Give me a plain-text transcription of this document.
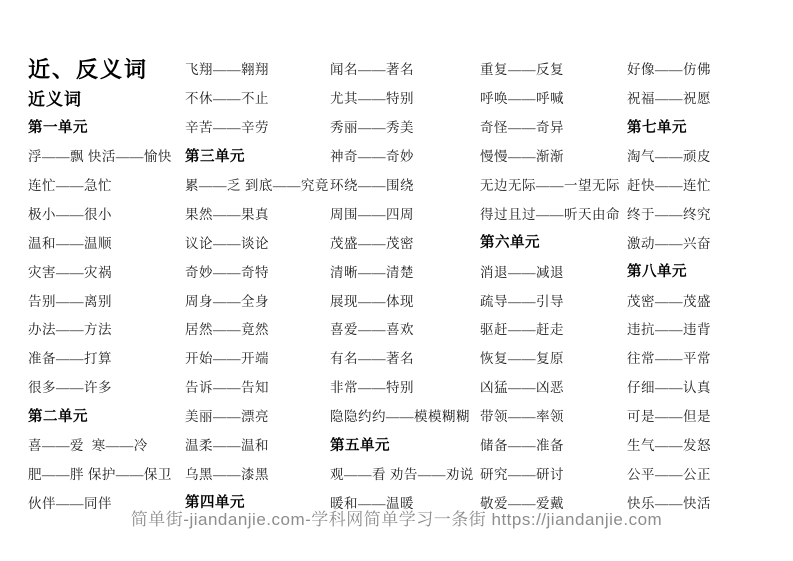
近、反义词
近义词
第一单元
浮——飘 快活——愉快
连忙——急忙
极小——很小
温和——温顺
灾害——灾祸
告别——离别
办法——方法
准备——打算
很多——许多
第二单元
喜——爱  寒——冷
肥——胖 保护——保卫
伙伴——同伴
飞翔——翱翔
不休——不止
辛苦——辛劳
第三单元
累——乏 到底——究竟
果然——果真
议论——谈论
奇妙——奇特
周身——全身
居然——竟然
开始——开端
告诉——告知
美丽——漂亮
温柔——温和
乌黑——漆黑
第四单元
闻名——著名
尤其——特别
秀丽——秀美
神奇——奇妙
环绕——围绕
周围——四周
茂盛——茂密
清晰——清楚
展现——体现
喜爱——喜欢
有名——著名
非常——特别
隐隐约约——模模糊糊
第五单元
观——看 劝告——劝说
暖和——温暖
重复——反复
呼唤——呼喊
奇怪——奇异
慢慢——渐渐
无边无际——一望无际
得过且过——听天由命
第六单元
消退——减退
疏导——引导
驱赶——赶走
恢复——复原
凶猛——凶恶
带领——率领
储备——准备
研究——研讨
敬爱——爱戴
好像——仿佛
祝福——祝愿
第七单元
淘气——顽皮
赶快——连忙
终于——终究
激动——兴奋
第八单元
茂密——茂盛
违抗——违背
往常——平常
仔细——认真
可是——但是
生气——发怒
公平——公正
快乐——快活
简单街-jiandanjie.com-学科网简单学习一条街 https://jiandanjie.com
